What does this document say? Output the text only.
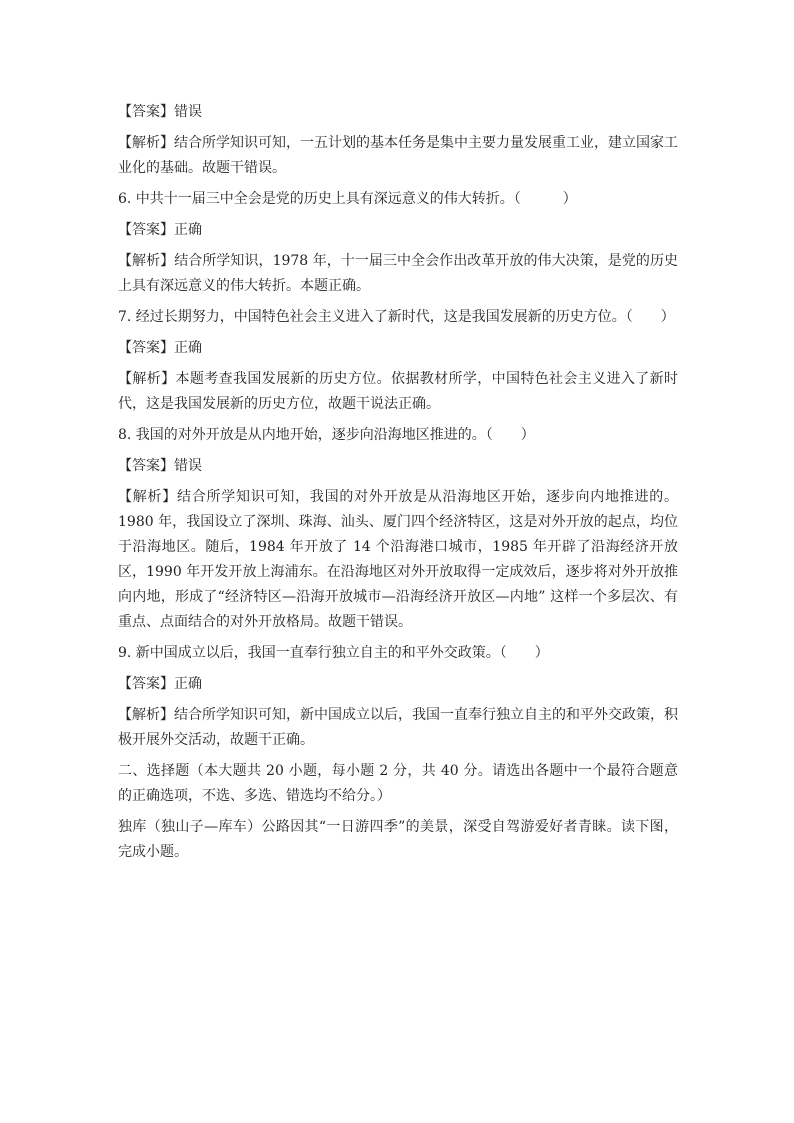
【答案】错误

【解析】结合所学知识可知，一五计划的基本任务是集中主要力量发展重工业，建立国家工业化的基础。故题干错误。

6. 中共十一届三中全会是党的历史上具有深远意义的伟大转折。（　　　）

【答案】正确

【解析】结合所学知识，1978 年，十一届三中全会作出改革开放的伟大决策，是党的历史上具有深远意义的伟大转折。本题正确。

7. 经过长期努力，中国特色社会主义进入了新时代，这是我国发展新的历史方位。（　　）

【答案】正确

【解析】本题考查我国发展新的历史方位。依据教材所学，中国特色社会主义进入了新时代，这是我国发展新的历史方位，故题干说法正确。

8. 我国的对外开放是从内地开始，逐步向沿海地区推进的。（　　）

【答案】错误

【解析】结合所学知识可知，我国的对外开放是从沿海地区开始，逐步向内地推进的。1980 年，我国设立了深圳、珠海、汕头、厦门四个经济特区，这是对外开放的起点，均位于沿海地区。随后，1984 年开放了 14 个沿海港口城市，1985 年开辟了沿海经济开放区，1990 年开发开放上海浦东。在沿海地区对外开放取得一定成效后，逐步将对外开放推向内地，形成了“经济特区—沿海开放城市—沿海经济开放区—内地” 这样一个多层次、有重点、点面结合的对外开放格局。故题干错误。

9. 新中国成立以后，我国一直奉行独立自主的和平外交政策。（　　）

【答案】正确

【解析】结合所学知识可知，新中国成立以后，我国一直奉行独立自主的和平外交政策，积极开展外交活动，故题干正确。

二、选择题（本大题共 20 小题，每小题 2 分，共 40 分。请选出各题中一个最符合题意的正确选项，不选、多选、错选均不给分。）

独库（独山子—库车）公路因其“一日游四季”的美景，深受自驾游爱好者青睐。读下图，完成小题。
